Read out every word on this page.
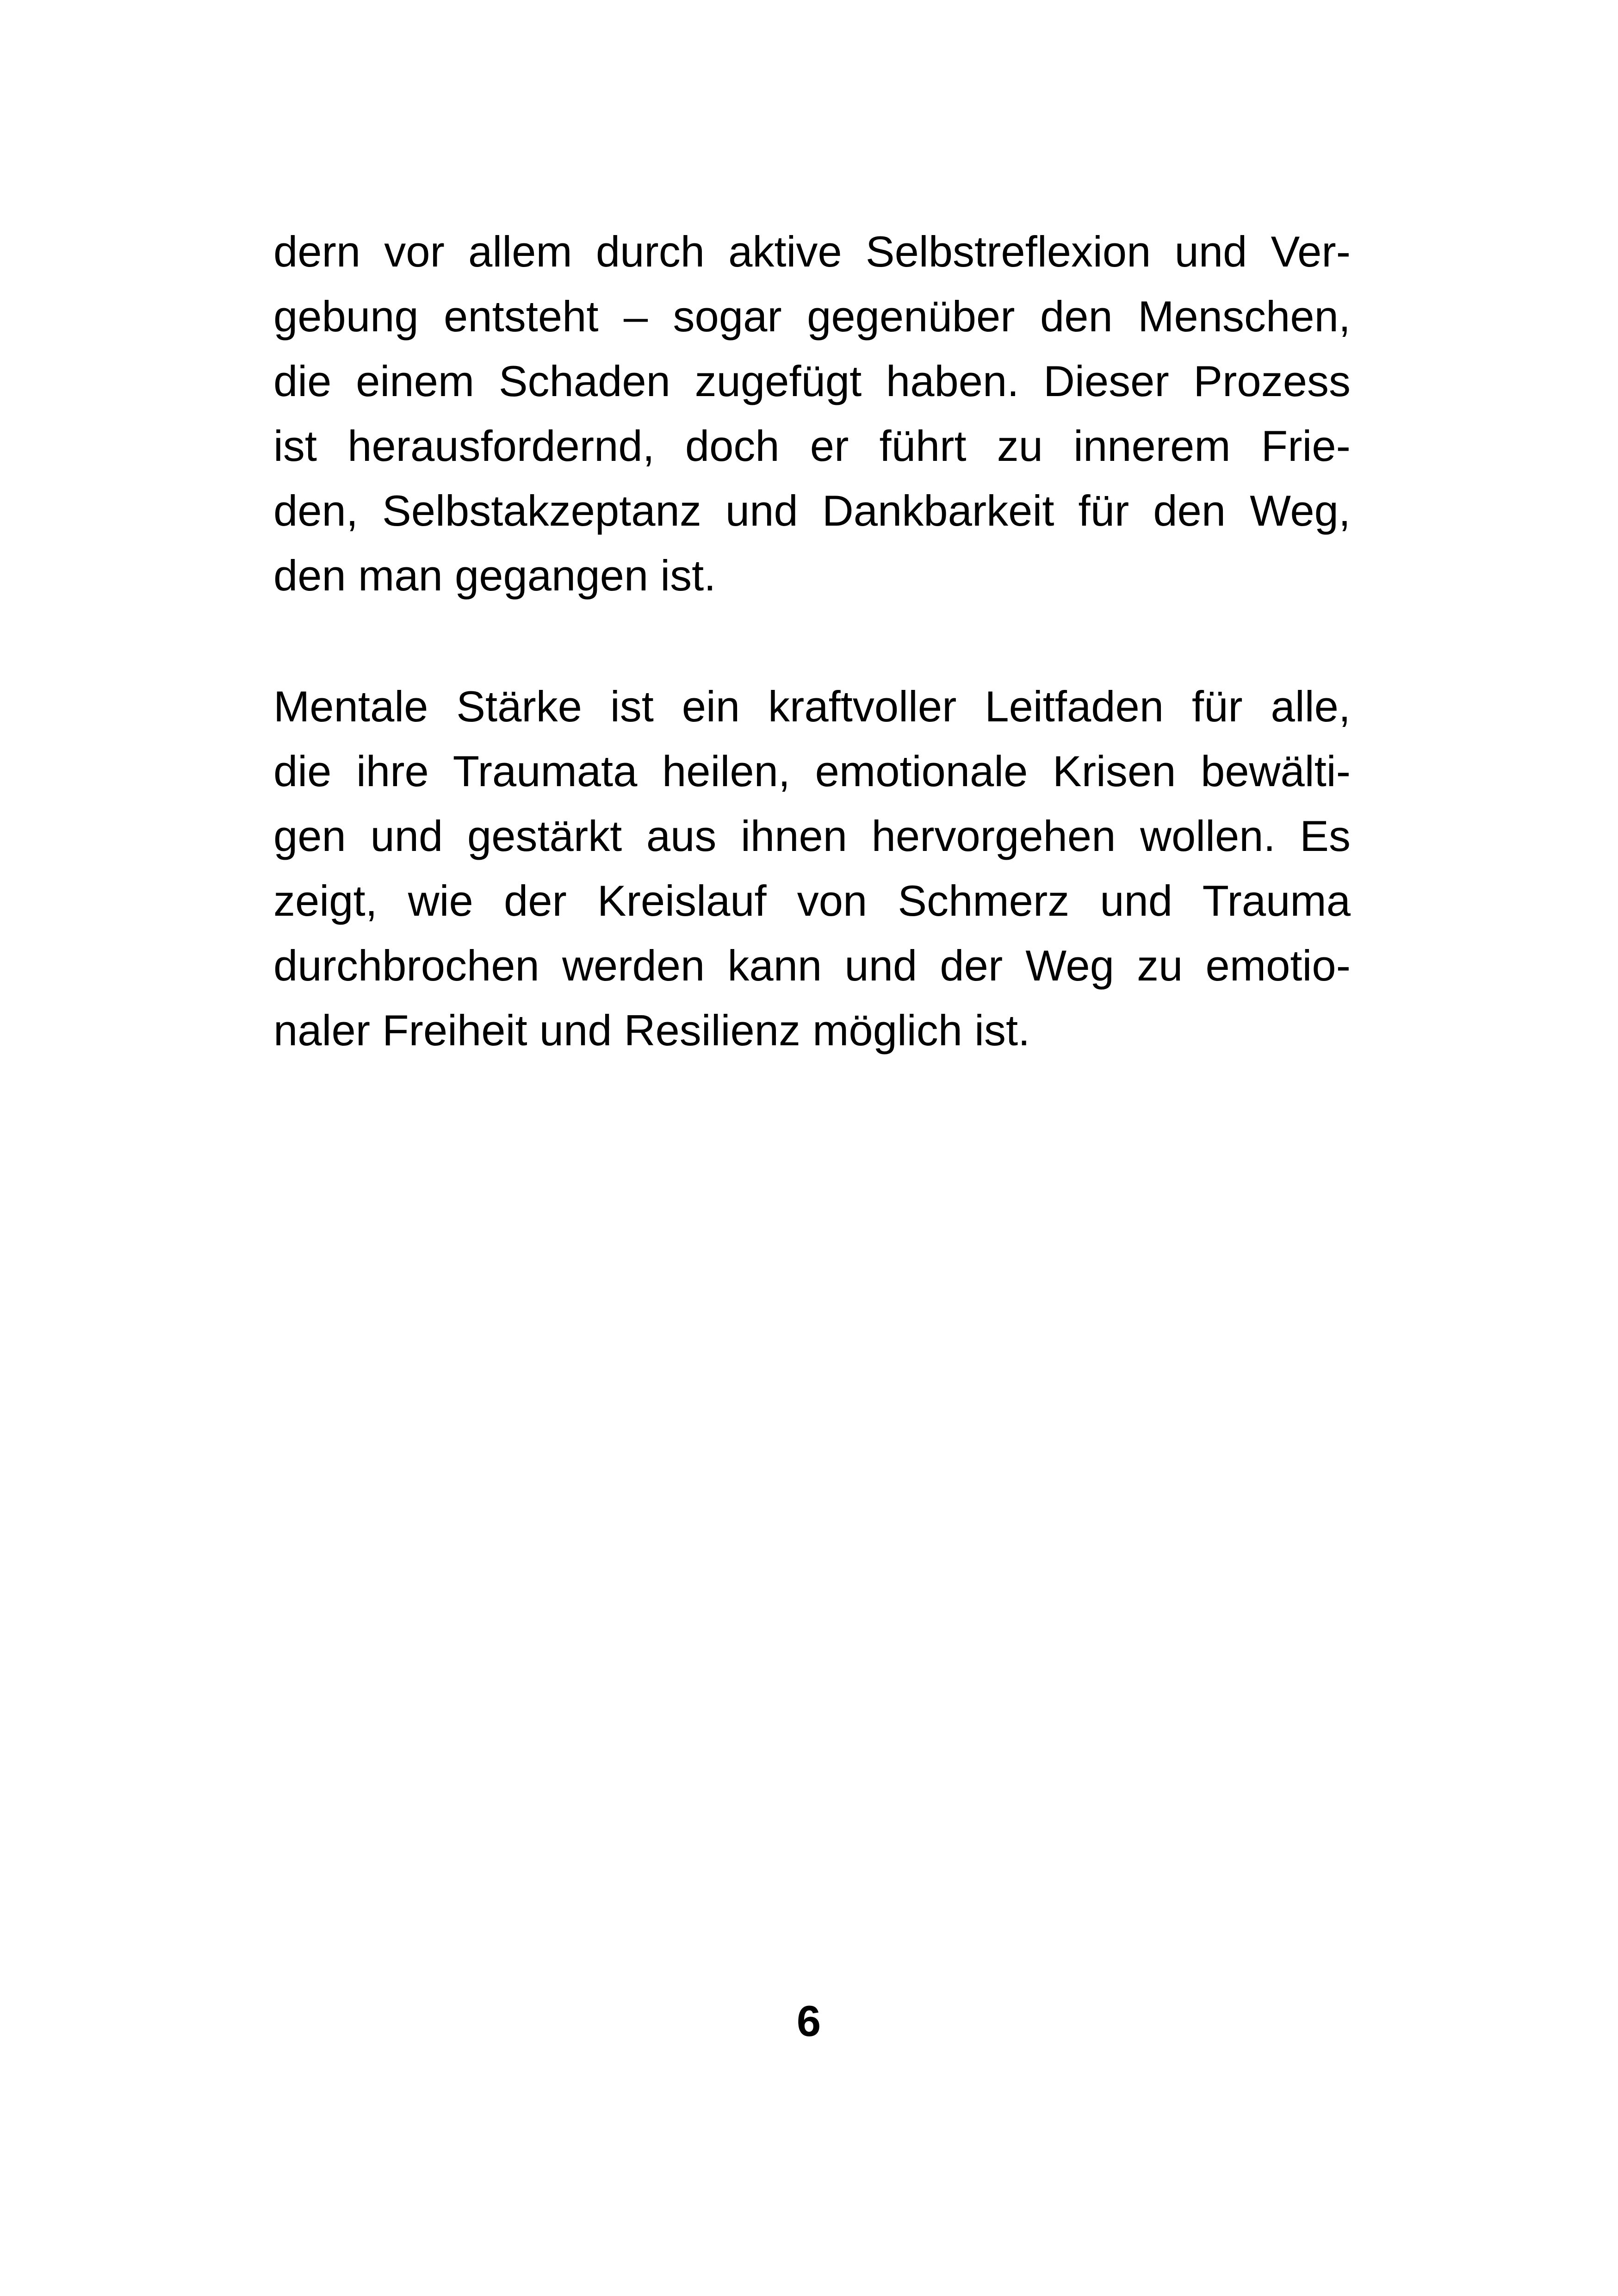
dern vor allem durch aktive Selbstreflexion und Ver-
gebung entsteht – sogar gegenüber den Menschen,
die einem Schaden zugefügt haben. Dieser Prozess
ist herausfordernd, doch er führt zu innerem Frie-
den, Selbstakzeptanz und Dankbarkeit für den Weg,
den man gegangen ist.
Mentale Stärke ist ein kraftvoller Leitfaden für alle,
die ihre Traumata heilen, emotionale Krisen bewälti-
gen und gestärkt aus ihnen hervorgehen wollen. Es
zeigt, wie der Kreislauf von Schmerz und Trauma
durchbrochen werden kann und der Weg zu emotio-
naler Freiheit und Resilienz möglich ist.
6
